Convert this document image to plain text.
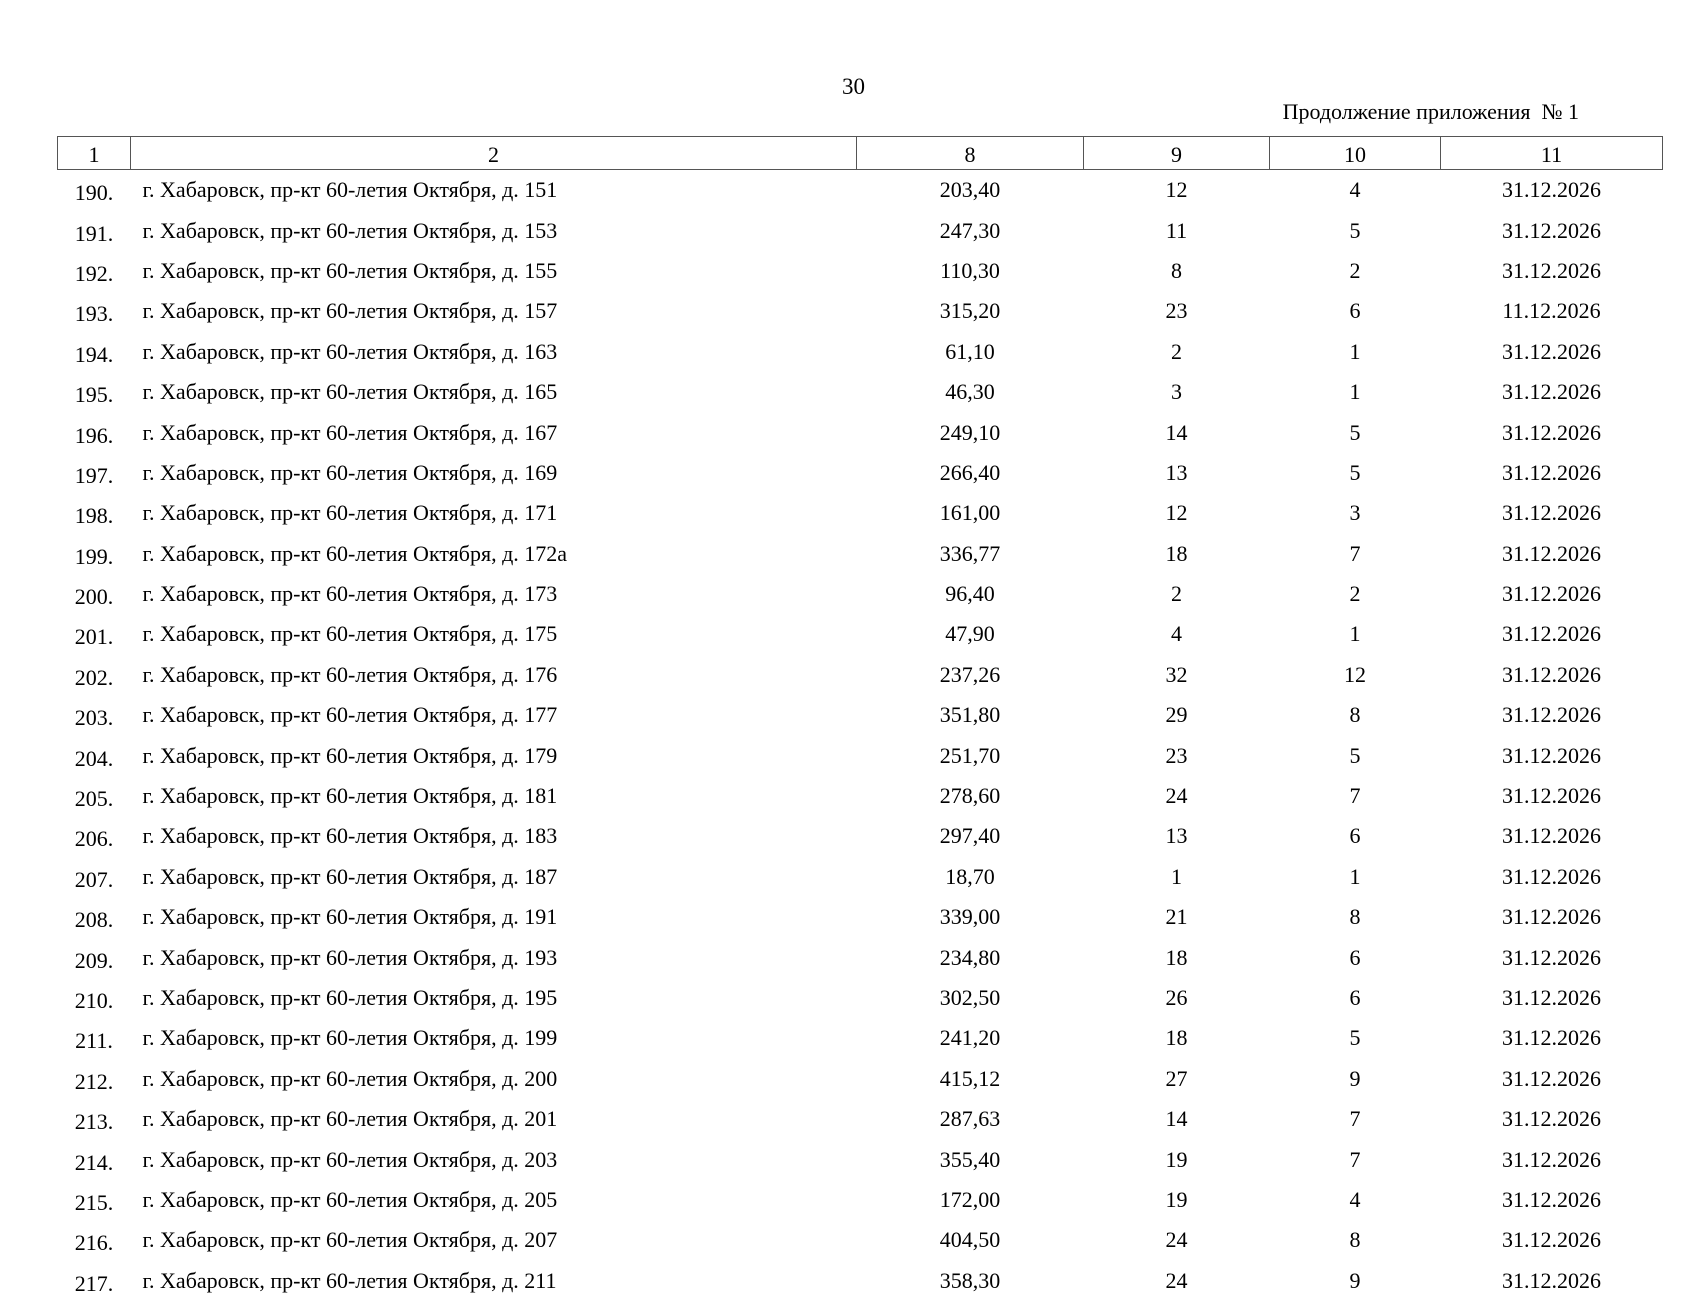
30
Продолжение приложения  № 1
1	2	8	9	10	11
190.	г. Хабаровск, пр-кт 60-летия Октября, д. 151	203,40	12	4	31.12.2026
191.	г. Хабаровск, пр-кт 60-летия Октября, д. 153	247,30	11	5	31.12.2026
192.	г. Хабаровск, пр-кт 60-летия Октября, д. 155	110,30	8	2	31.12.2026
193.	г. Хабаровск, пр-кт 60-летия Октября, д. 157	315,20	23	6	11.12.2026
194.	г. Хабаровск, пр-кт 60-летия Октября, д. 163	61,10	2	1	31.12.2026
195.	г. Хабаровск, пр-кт 60-летия Октября, д. 165	46,30	3	1	31.12.2026
196.	г. Хабаровск, пр-кт 60-летия Октября, д. 167	249,10	14	5	31.12.2026
197.	г. Хабаровск, пр-кт 60-летия Октября, д. 169	266,40	13	5	31.12.2026
198.	г. Хабаровск, пр-кт 60-летия Октября, д. 171	161,00	12	3	31.12.2026
199.	г. Хабаровск, пр-кт 60-летия Октября, д. 172а	336,77	18	7	31.12.2026
200.	г. Хабаровск, пр-кт 60-летия Октября, д. 173	96,40	2	2	31.12.2026
201.	г. Хабаровск, пр-кт 60-летия Октября, д. 175	47,90	4	1	31.12.2026
202.	г. Хабаровск, пр-кт 60-летия Октября, д. 176	237,26	32	12	31.12.2026
203.	г. Хабаровск, пр-кт 60-летия Октября, д. 177	351,80	29	8	31.12.2026
204.	г. Хабаровск, пр-кт 60-летия Октября, д. 179	251,70	23	5	31.12.2026
205.	г. Хабаровск, пр-кт 60-летия Октября, д. 181	278,60	24	7	31.12.2026
206.	г. Хабаровск, пр-кт 60-летия Октября, д. 183	297,40	13	6	31.12.2026
207.	г. Хабаровск, пр-кт 60-летия Октября, д. 187	18,70	1	1	31.12.2026
208.	г. Хабаровск, пр-кт 60-летия Октября, д. 191	339,00	21	8	31.12.2026
209.	г. Хабаровск, пр-кт 60-летия Октября, д. 193	234,80	18	6	31.12.2026
210.	г. Хабаровск, пр-кт 60-летия Октября, д. 195	302,50	26	6	31.12.2026
211.	г. Хабаровск, пр-кт 60-летия Октября, д. 199	241,20	18	5	31.12.2026
212.	г. Хабаровск, пр-кт 60-летия Октября, д. 200	415,12	27	9	31.12.2026
213.	г. Хабаровск, пр-кт 60-летия Октября, д. 201	287,63	14	7	31.12.2026
214.	г. Хабаровск, пр-кт 60-летия Октября, д. 203	355,40	19	7	31.12.2026
215.	г. Хабаровск, пр-кт 60-летия Октября, д. 205	172,00	19	4	31.12.2026
216.	г. Хабаровск, пр-кт 60-летия Октября, д. 207	404,50	24	8	31.12.2026
217.	г. Хабаровск, пр-кт 60-летия Октября, д. 211	358,30	24	9	31.12.2026
